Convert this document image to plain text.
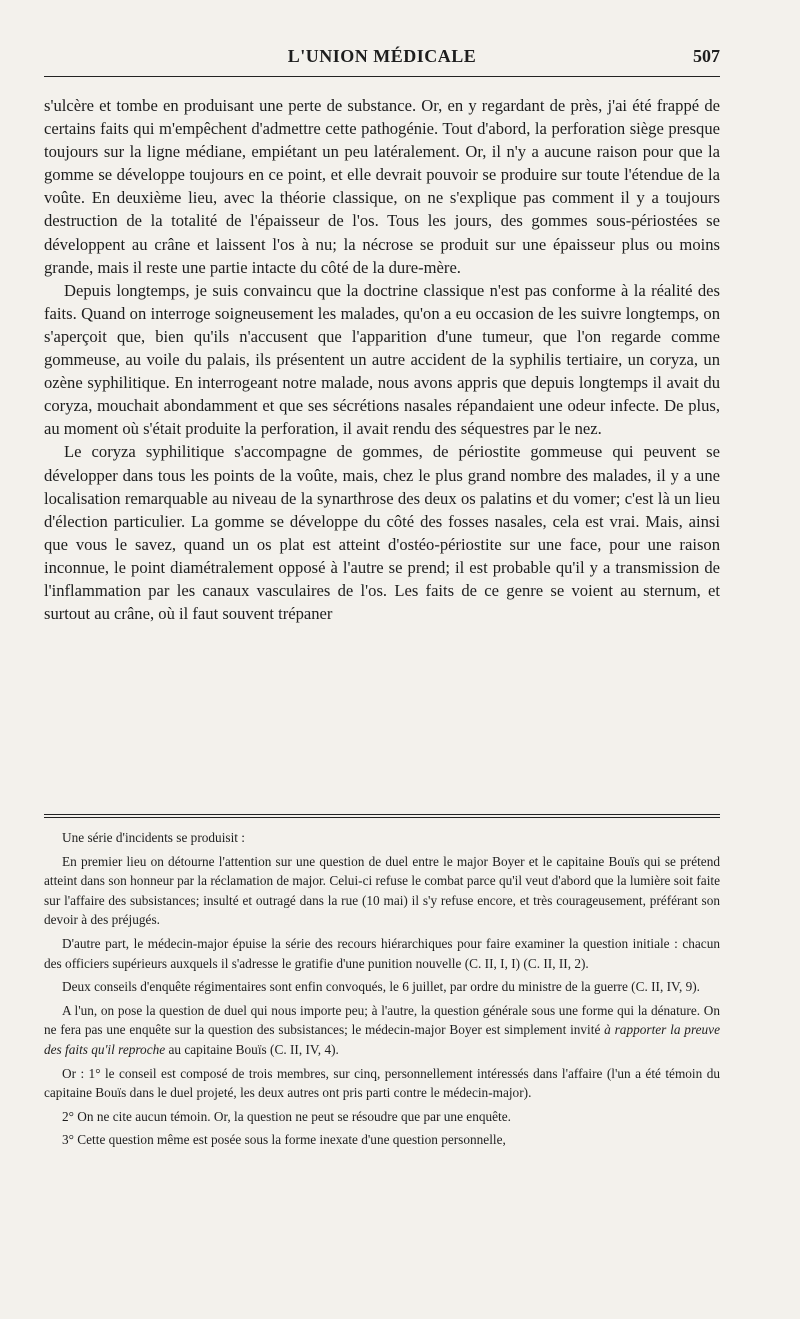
L'UNION MÉDICALE	507

s'ulcère et tombe en produisant une perte de substance. Or, en y regardant de près, j'ai été frappé de certains faits qui m'empêchent d'admettre cette pathogénie. Tout d'abord, la perforation siège presque toujours sur la ligne médiane, empiétant un peu latéralement. Or, il n'y a aucune raison pour que la gomme se développe toujours en ce point, et elle devrait pouvoir se produire sur toute l'étendue de la voûte. En deuxième lieu, avec la théorie classique, on ne s'explique pas comment il y a toujours destruction de la totalité de l'épaisseur de l'os. Tous les jours, des gommes sous-périostées se développent au crâne et laissent l'os à nu; la nécrose se produit sur une épaisseur plus ou moins grande, mais il reste une partie intacte du côté de la dure-mère.

Depuis longtemps, je suis convaincu que la doctrine classique n'est pas conforme à la réalité des faits. Quand on interroge soigneusement les malades, qu'on a eu occasion de les suivre longtemps, on s'aperçoit que, bien qu'ils n'accusent que l'apparition d'une tumeur, que l'on regarde comme gommeuse, au voile du palais, ils présentent un autre accident de la syphilis tertiaire, un coryza, un ozène syphilitique. En interrogeant notre malade, nous avons appris que depuis longtemps il avait du coryza, mouchait abondamment et que ses sécrétions nasales répandaient une odeur infecte. De plus, au moment où s'était produite la perforation, il avait rendu des séquestres par le nez.

Le coryza syphilitique s'accompagne de gommes, de périostite gommeuse qui peuvent se développer dans tous les points de la voûte, mais, chez le plus grand nombre des malades, il y a une localisation remarquable au niveau de la synarthrose des deux os palatins et du vomer; c'est là un lieu d'élection particulier. La gomme se développe du côté des fosses nasales, cela est vrai. Mais, ainsi que vous le savez, quand un os plat est atteint d'ostéo-périostite sur une face, pour une raison inconnue, le point diamétralement opposé à l'autre se prend; il est probable qu'il y a transmission de l'inflammation par les canaux vasculaires de l'os. Les faits de ce genre se voient au sternum, et surtout au crâne, où il faut souvent trépaner

Une série d'incidents se produisit :

En premier lieu on détourne l'attention sur une question de duel entre le major Boyer et le capitaine Bouïs qui se prétend atteint dans son honneur par la réclamation de major. Celui-ci refuse le combat parce qu'il veut d'abord que la lumière soit faite sur l'affaire des subsistances; insulté et outragé dans la rue (10 mai) il s'y refuse encore, et très courageusement, préférant son devoir à des préjugés.

D'autre part, le médecin-major épuise la série des recours hiérarchiques pour faire examiner la question initiale : chacun des officiers supérieurs auxquels il s'adresse le gratifie d'une punition nouvelle (C. II, I, I) (C. II, II, 2).

Deux conseils d'enquête régimentaires sont enfin convoqués, le 6 juillet, par ordre du ministre de la guerre (C. II, IV, 9).

A l'un, on pose la question de duel qui nous importe peu; à l'autre, la question générale sous une forme qui la dénature. On ne fera pas une enquête sur la question des subsistances; le médecin-major Boyer est simplement invité à rapporter la preuve des faits qu'il reproche au capitaine Bouïs (C. II, IV, 4).

Or : 1° le conseil est composé de trois membres, sur cinq, personnellement intéressés dans l'affaire (l'un a été témoin du capitaine Bouïs dans le duel projeté, les deux autres ont pris parti contre le médecin-major).

2° On ne cite aucun témoin. Or, la question ne peut se résoudre que par une enquête.

3° Cette question même est posée sous la forme inexate d'une question personnelle,
